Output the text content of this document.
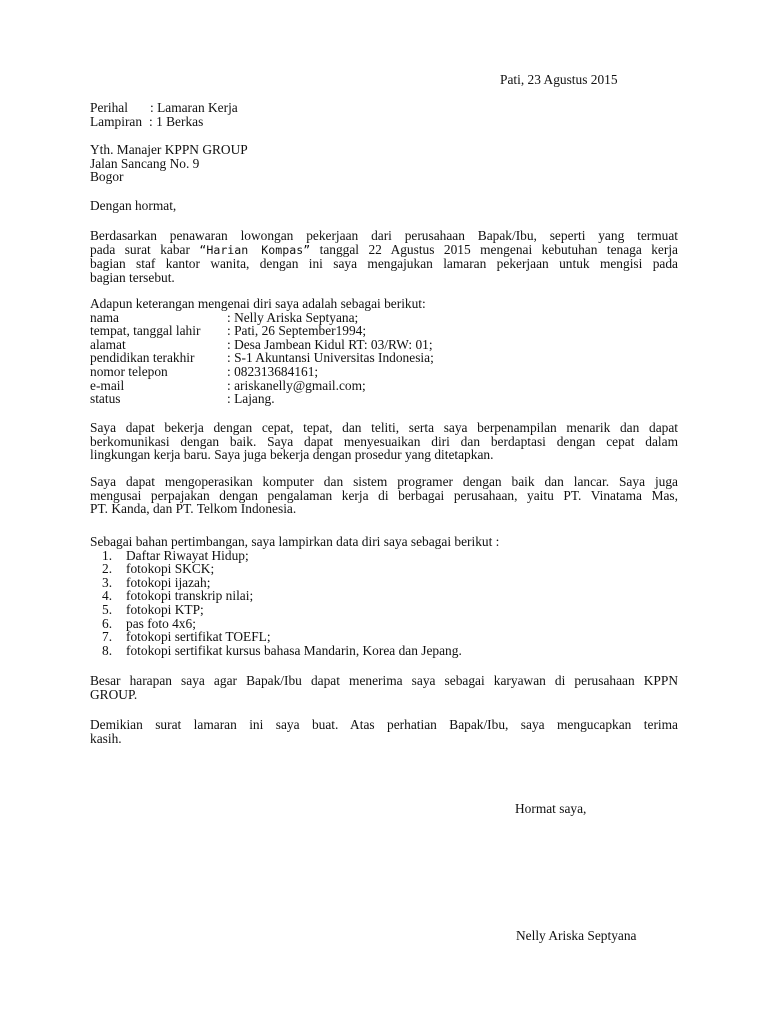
Pati, 23 Agustus 2015
Perihal : Lamaran Kerja
Lampiran : 1 Berkas
Yth. Manajer KPPN GROUP
Jalan Sancang No. 9
Bogor
Dengan hormat,
Berdasarkan penawaran lowongan pekerjaan dari perusahaan Bapak/Ibu, seperti yang termuat
pada surat kabar “Harian Kompas” tanggal 22 Agustus 2015 mengenai kebutuhan tenaga kerja
bagian staf kantor wanita, dengan ini saya mengajukan lamaran pekerjaan untuk mengisi pada
bagian tersebut.
Adapun keterangan mengenai diri saya adalah sebagai berikut:
nama	: Nelly Ariska Septyana;
tempat, tanggal lahir : Pati, 26 September1994;
alamat	: Desa Jambean Kidul RT: 03/RW: 01;
pendidikan terakhir : S-1 Akuntansi Universitas Indonesia;
nomor telepon	: 082313684161;
e-mail	: ariskanelly@gmail.com;
status	: Lajang.
Saya dapat bekerja dengan cepat, tepat, dan teliti, serta saya berpenampilan menarik dan dapat
berkomunikasi dengan baik. Saya dapat menyesuaikan diri dan berdaptasi dengan cepat dalam
lingkungan kerja baru. Saya juga bekerja dengan prosedur yang ditetapkan.
Saya dapat mengoperasikan komputer dan sistem programer dengan baik dan lancar. Saya juga
mengusai perpajakan dengan pengalaman kerja di berbagai perusahaan, yaitu PT. Vinatama Mas,
PT. Kanda, dan PT. Telkom Indonesia.
Sebagai bahan pertimbangan, saya lampirkan data diri saya sebagai berikut :
1. Daftar Riwayat Hidup;
2. fotokopi SKCK;
3. fotokopi ijazah;
4. fotokopi transkrip nilai;
5. fotokopi KTP;
6. pas foto 4x6;
7. fotokopi sertifikat TOEFL;
8. fotokopi sertifikat kursus bahasa Mandarin, Korea dan Jepang.
Besar harapan saya agar Bapak/Ibu dapat menerima saya sebagai karyawan di perusahaan KPPN
GROUP.
Demikian surat lamaran ini saya buat. Atas perhatian Bapak/Ibu, saya mengucapkan terima
kasih.
Hormat saya,
Nelly Ariska Septyana
